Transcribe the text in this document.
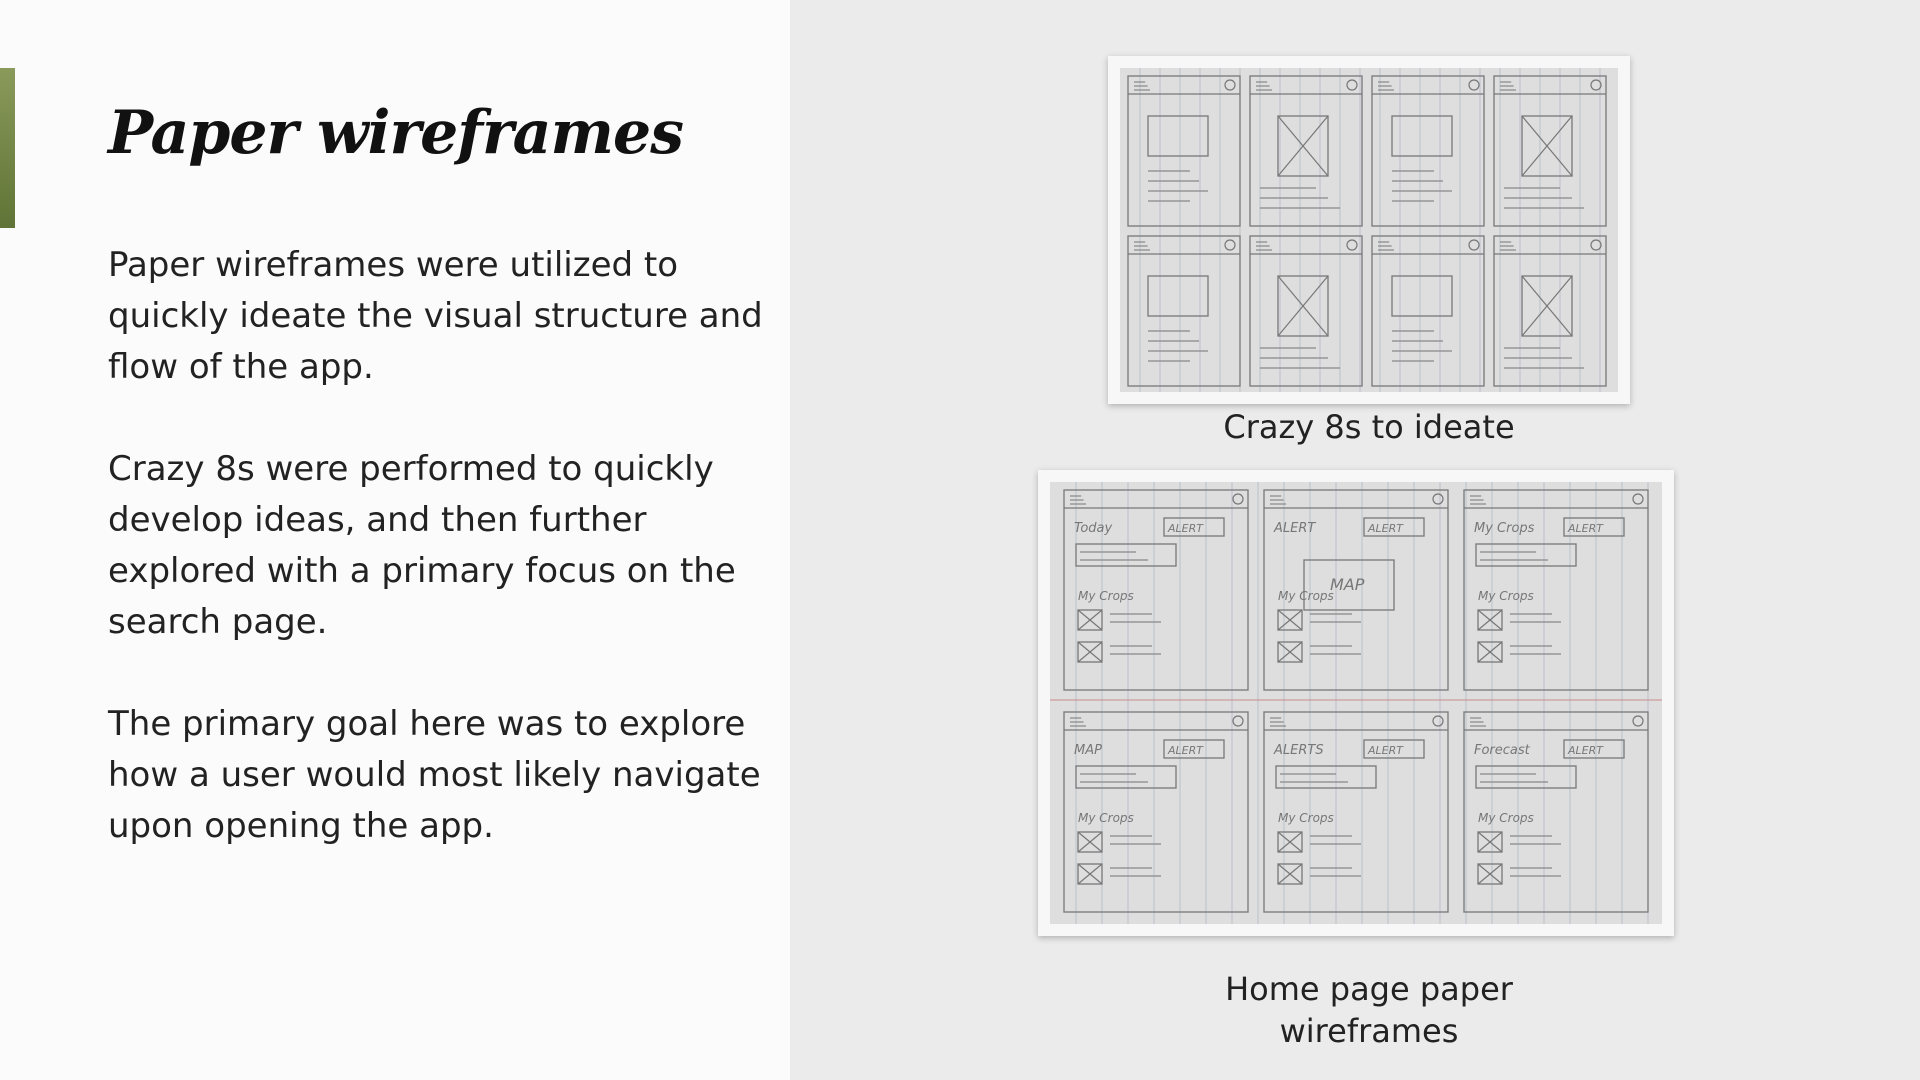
Paper wireframes

Paper wireframes were utilized to quickly ideate the visual structure and flow of the app.

Crazy 8s were performed to quickly develop ideas, and then further explored with a primary focus on the search page.

The primary goal here was to explore how a user would most likely navigate upon opening the app.

Crazy 8s to ideate
Today	ALERT
My Crops
ALERT	ALERT
MAP
My Crops
My Crops	ALERT
My Crops
MAP	ALERT
My Crops
ALERTS	ALERT
My Crops
Forecast	ALERT
My Crops
Home page paper
wireframes
